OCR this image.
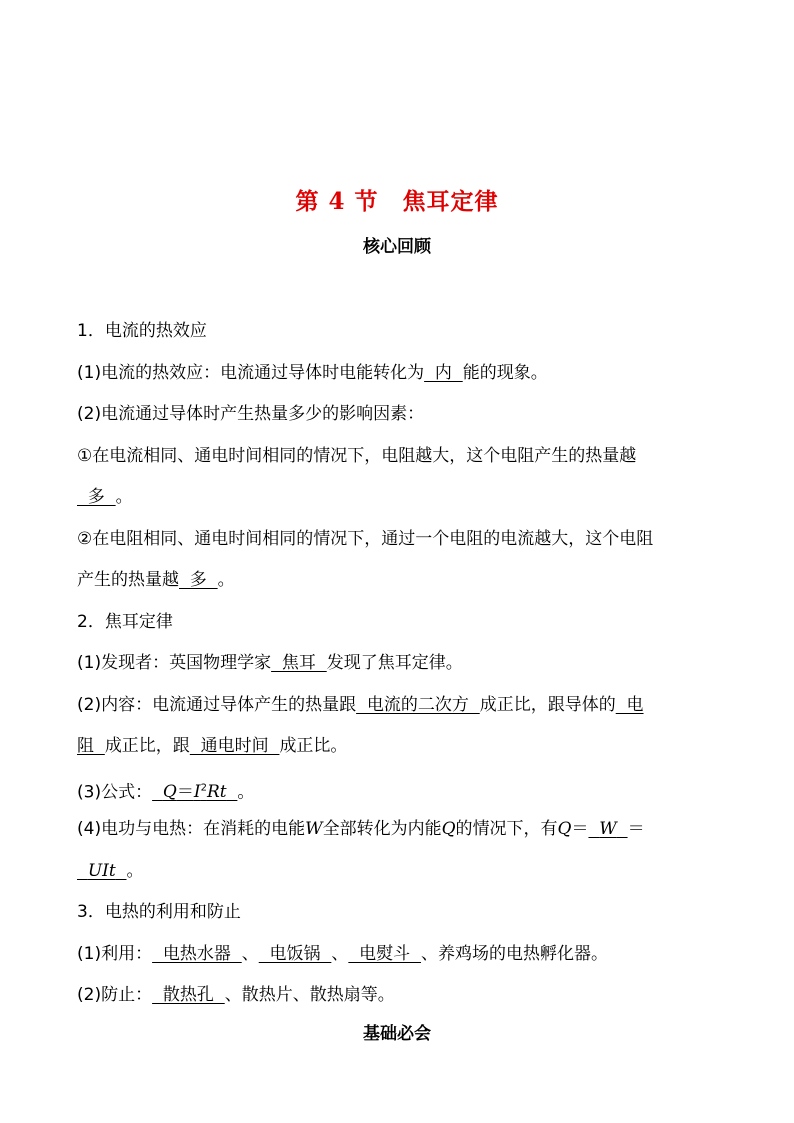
第 4 节　焦耳定律
核心回顾
1．电流的热效应
(1)电流的热效应：电流通过导体时电能转化为  内  能的现象。
(2)电流通过导体时产生热量多少的影响因素：
①在电流相同、通电时间相同的情况下，电阻越大，这个电阻产生的热量越
多  。
②在电阻相同、通电时间相同的情况下，通过一个电阻的电流越大，这个电阻
产生的热量越  多  。
2．焦耳定律
(1)发现者：英国物理学家  焦耳  发现了焦耳定律。
(2)内容：电流通过导体产生的热量跟  电流的二次方  成正比，跟导体的  电
阻  成正比，跟  通电时间  成正比。
(3)公式： $Q=I^2Rt$ 。
(4)电功与电热：在消耗的电能W全部转化为内能Q的情况下，有Q＝ W ＝
UIt 。
3．电热的利用和防止
(1)利用：  电热水器  、  电饭锅  、  电熨斗  、养鸡场的电热孵化器。
(2)防止：  散热孔  、散热片、散热扇等。
基础必会
